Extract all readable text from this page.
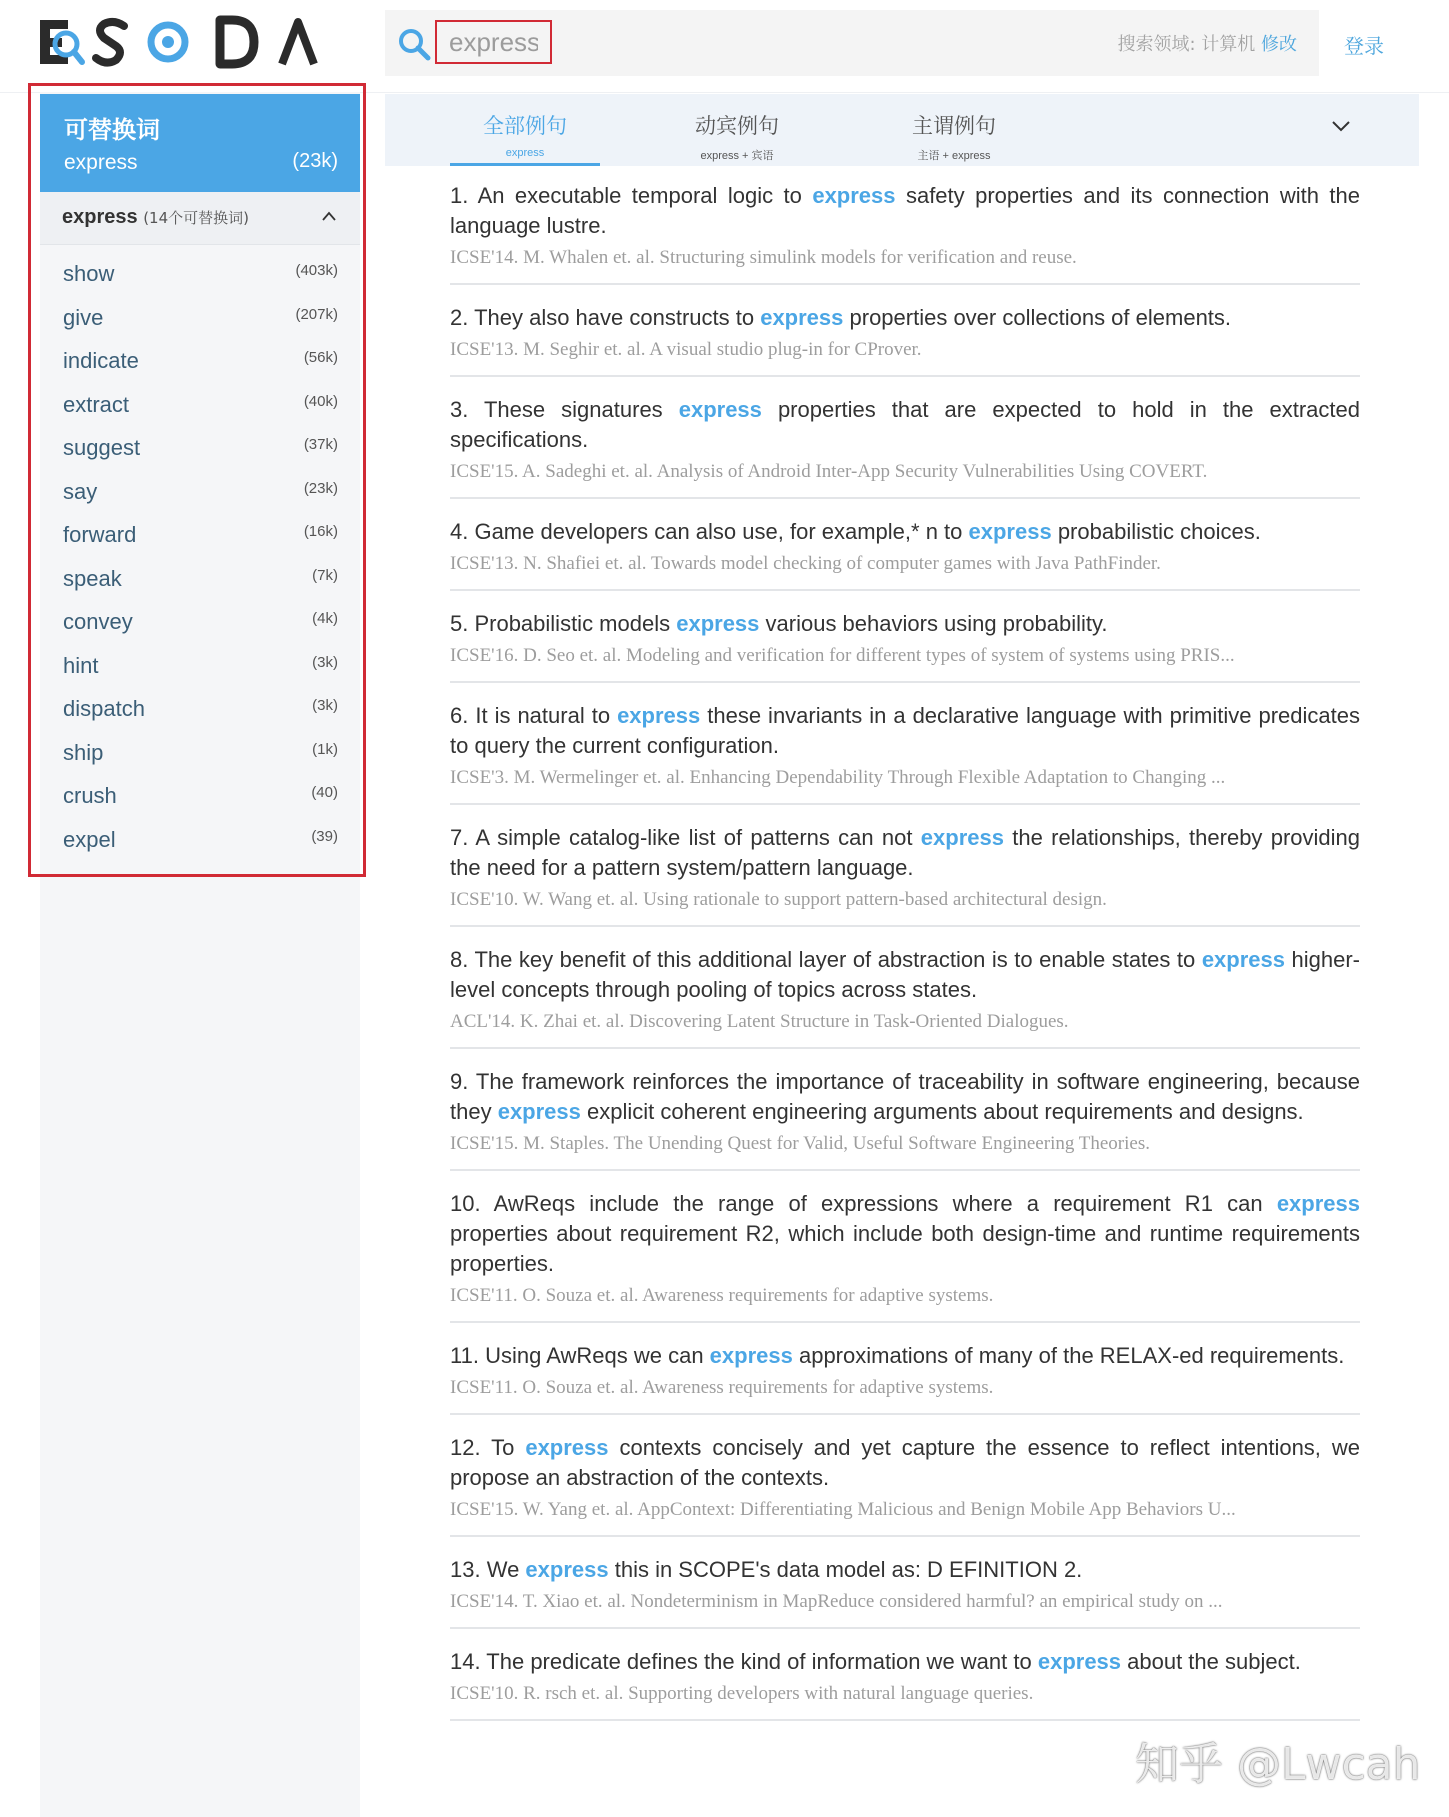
express
搜索领域: 计算机 修改 登录
可替换词
express	(23k)
express (14个可替换词)
show	(403k)
give	(207k)
indicate	(56k)
extract	(40k)
suggest	(37k)
say	(23k)
forward	(16k)
speak	(7k)
convey	(4k)
hint	(3k)
dispatch	(3k)
ship	(1k)
crush	(40)
expel	(39)
全部例句
express
动宾例句
express + 宾语
主谓例句
主语 + express

1. An executable temporal logic to express safety properties and its connection with the language lustre.

ICSE'14. M. Whalen et. al. Structuring simulink models for verification and reuse.

2. They also have constructs to express properties over collections of elements.

ICSE'13. M. Seghir et. al. A visual studio plug-in for CProver.

3. These signatures express properties that are expected to hold in the extracted specifications.

ICSE'15. A. Sadeghi et. al. Analysis of Android Inter-App Security Vulnerabilities Using COVERT.

4. Game developers can also use, for example,* n to express probabilistic choices.

ICSE'13. N. Shafiei et. al. Towards model checking of computer games with Java PathFinder.

5. Probabilistic models express various behaviors using probability.

ICSE'16. D. Seo et. al. Modeling and verification for different types of system of systems using PRIS...

6. It is natural to express these invariants in a declarative language with primitive predicates to query the current configuration.

ICSE'3. M. Wermelinger et. al. Enhancing Dependability Through Flexible Adaptation to Changing ...

7. A simple catalog-like list of patterns can not express the relationships, thereby providing the need for a pattern system/pattern language.

ICSE'10. W. Wang et. al. Using rationale to support pattern-based architectural design.

8. The key benefit of this additional layer of abstraction is to enable states to express higher-level concepts through pooling of topics across states.

ACL'14. K. Zhai et. al. Discovering Latent Structure in Task-Oriented Dialogues.

9. The framework reinforces the importance of traceability in software engineering, because they express explicit coherent engineering arguments about requirements and designs.

ICSE'15. M. Staples. The Unending Quest for Valid, Useful Software Engineering Theories.

10. AwReqs include the range of expressions where a requirement R1 can express properties about requirement R2, which include both design-time and runtime requirements properties.

ICSE'11. O. Souza et. al. Awareness requirements for adaptive systems.

11. Using AwReqs we can express approximations of many of the RELAX-ed requirements.

ICSE'11. O. Souza et. al. Awareness requirements for adaptive systems.

12. To express contexts concisely and yet capture the essence to reflect intentions, we propose an abstraction of the contexts.

ICSE'15. W. Yang et. al. AppContext: Differentiating Malicious and Benign Mobile App Behaviors U...

13. We express this in SCOPE's data model as: D EFINITION 2.

ICSE'14. T. Xiao et. al. Nondeterminism in MapReduce considered harmful? an empirical study on ...

14. The predicate defines the kind of information we want to express about the subject.

ICSE'10. R. rsch et. al. Supporting developers with natural language queries.
知乎 @Lwcah
